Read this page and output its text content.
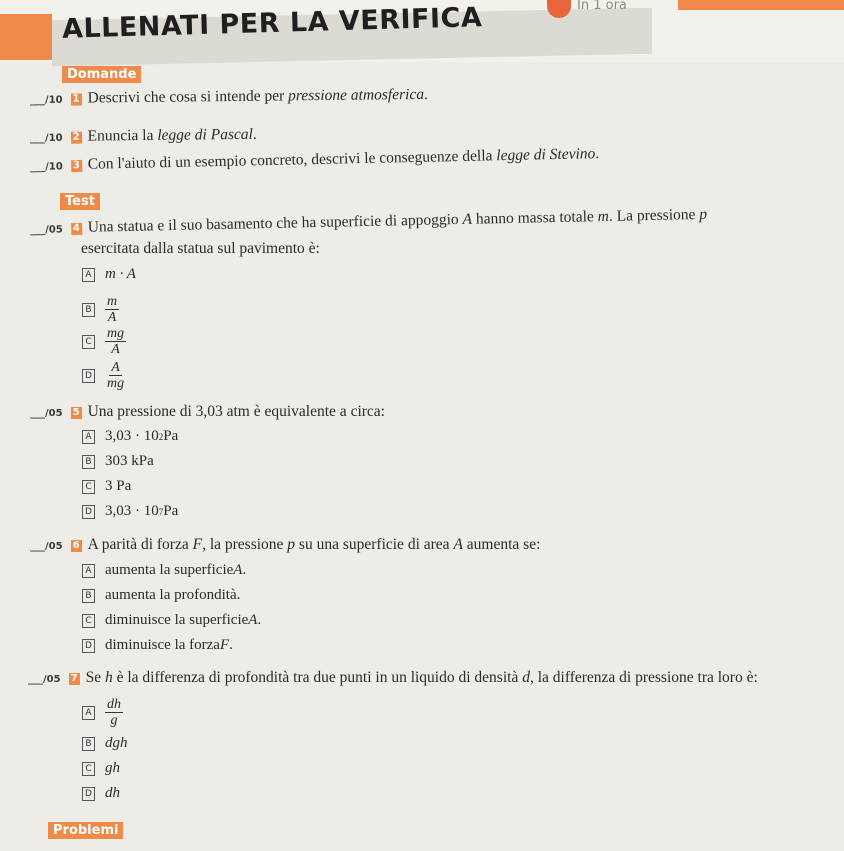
ALLENATI PER LA VERIFICA	In 1 ora
Domande
___/10 1 Descrivi che cosa si intende per pressione atmosferica.
___/10 2 Enuncia la legge di Pascal.
___/10 3 Con l'aiuto di un esempio concreto, descrivi le conseguenze della legge di Stevino.
Test
___/05 4 Una statua e il suo basamento che ha superficie di appoggio A hanno massa totale m. La pressione p
esercitata dalla statua sul pavimento è:
A m · A
B $\frac{m}{A}$
C $\frac{mg}{A}$
D $\frac{A}{mg}$
___/05 5 Una pressione di 3,03 atm è equivalente a circa:
A 3,03 · 10 2 Pa
B 303 kPa
C 3 Pa
D 3,03 · 10 7 Pa
___/05 6 A parità di forza F, la pressione p su una superficie di area A aumenta se:
A aumenta la superficie A .
B aumenta la profondità.
C diminuisce la superficie A .
D diminuisce la forza F .
___/05 7 Se h è la differenza di profondità tra due punti in un liquido di densità d, la differenza di pressione tra loro è:
A $\frac{dh}{g}$
B dgh
C gh
D dh
Problemi
